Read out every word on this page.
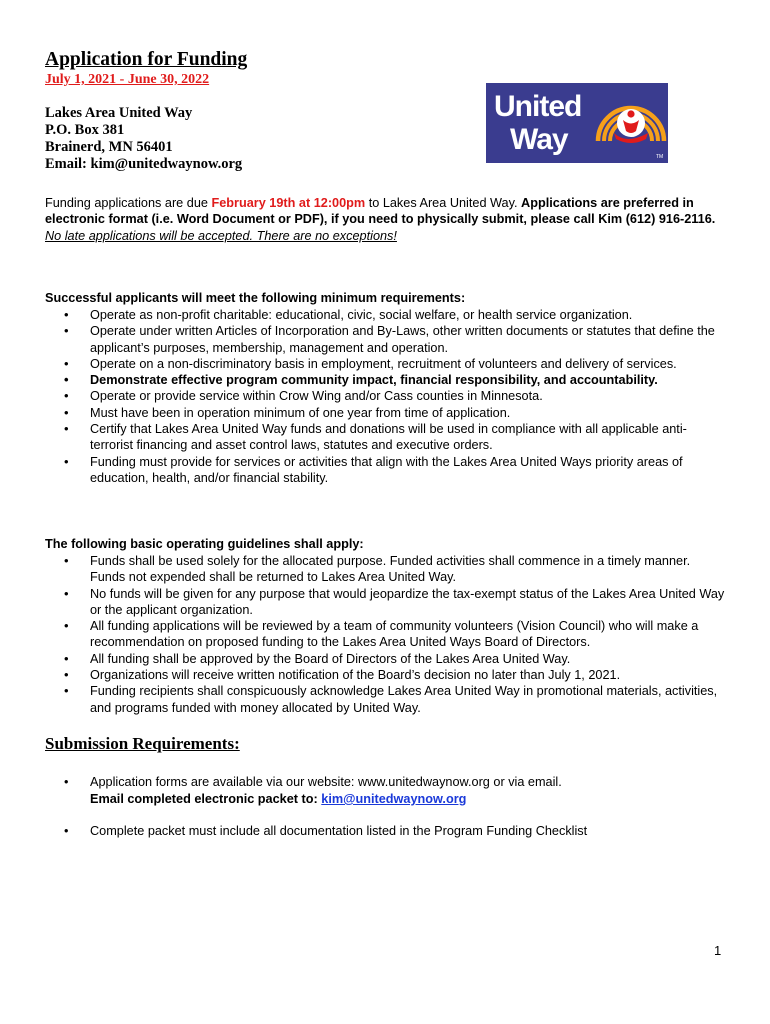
Application for Funding
July 1, 2021 - June 30, 2022
Lakes Area United Way
P.O. Box 381
Brainerd, MN 56401
Email: kim@unitedwaynow.org
United
Way
TM
Funding applications are due February 19th at 12:00pm to Lakes Area United Way. Applications are preferred in electronic format (i.e. Word Document or PDF), if you need to physically submit, please call Kim (612) 916-2116.
No late applications will be accepted. There are no exceptions!
Successful applicants will meet the following minimum requirements:
• Operate as non-profit charitable: educational, civic, social welfare, or health service organization.
• Operate under written Articles of Incorporation and By-Laws, other written documents or statutes that define the applicant’s purposes, membership, management and operation.
• Operate on a non-discriminatory basis in employment, recruitment of volunteers and delivery of services.
• Demonstrate effective program community impact, financial responsibility, and accountability.
• Operate or provide service within Crow Wing and/or Cass counties in Minnesota.
• Must have been in operation minimum of one year from time of application.
• Certify that Lakes Area United Way funds and donations will be used in compliance with all applicable anti-terrorist financing and asset control laws, statutes and executive orders.
• Funding must provide for services or activities that align with the Lakes Area United Ways priority areas of education, health, and/or financial stability.
The following basic operating guidelines shall apply:
• Funds shall be used solely for the allocated purpose. Funded activities shall commence in a timely manner. Funds not expended shall be returned to Lakes Area United Way.
• No funds will be given for any purpose that would jeopardize the tax-exempt status of the Lakes Area United Way or the applicant organization.
• All funding applications will be reviewed by a team of community volunteers (Vision Council) who will make a recommendation on proposed funding to the Lakes Area United Ways Board of Directors.
• All funding shall be approved by the Board of Directors of the Lakes Area United Way.
• Organizations will receive written notification of the Board’s decision no later than July 1, 2021.
• Funding recipients shall conspicuously acknowledge Lakes Area United Way in promotional materials, activities, and programs funded with money allocated by United Way.
Submission Requirements:
• Application forms are available via our website: www.unitedwaynow.org or via email.
Email completed electronic packet to: kim@unitedwaynow.org
• Complete packet must include all documentation listed in the Program Funding Checklist
1
